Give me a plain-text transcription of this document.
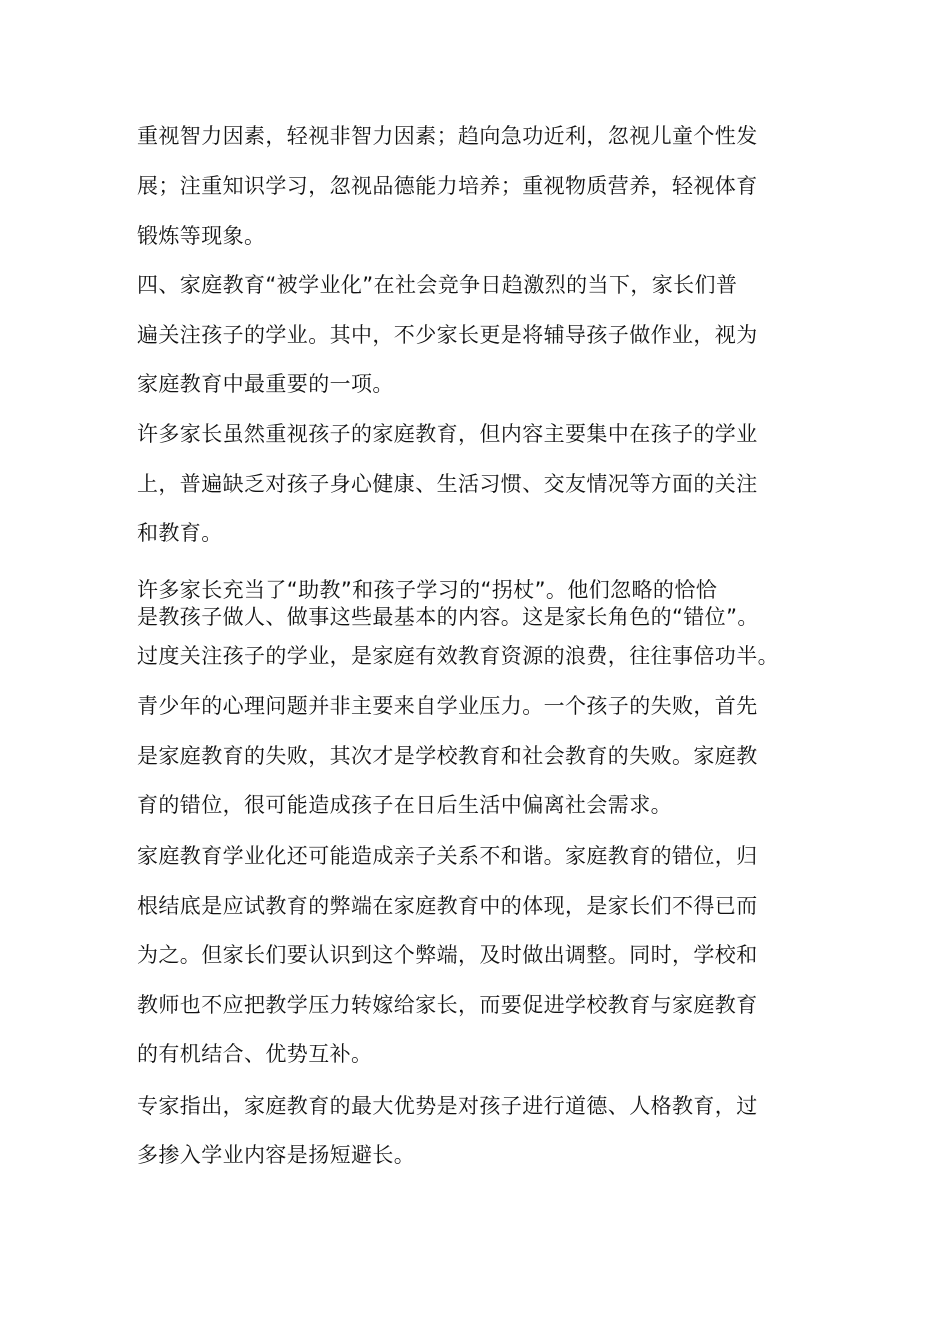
重视智力因素，轻视非智力因素；趋向急功近利，忽视儿童个性发

展；注重知识学习，忽视品德能力培养；重视物质营养，轻视体育

锻炼等现象。

四、家庭教育“被学业化”在社会竞争日趋激烈的当下，家长们普

遍关注孩子的学业。其中，不少家长更是将辅导孩子做作业，视为

家庭教育中最重要的一项。

许多家长虽然重视孩子的家庭教育，但内容主要集中在孩子的学业

上，普遍缺乏对孩子身心健康、生活习惯、交友情况等方面的关注

和教育。

许多家长充当了“助教”和孩子学习的“拐杖”。他们忽略的恰恰

是教孩子做人、做事这些最基本的内容。这是家长角色的“错位”。

过度关注孩子的学业，是家庭有效教育资源的浪费，往往事倍功半。

青少年的心理问题并非主要来自学业压力。一个孩子的失败，首先

是家庭教育的失败，其次才是学校教育和社会教育的失败。家庭教

育的错位，很可能造成孩子在日后生活中偏离社会需求。

家庭教育学业化还可能造成亲子关系不和谐。家庭教育的错位，归

根结底是应试教育的弊端在家庭教育中的体现，是家长们不得已而

为之。但家长们要认识到这个弊端，及时做出调整。同时，学校和

教师也不应把教学压力转嫁给家长，而要促进学校教育与家庭教育

的有机结合、优势互补。

专家指出，家庭教育的最大优势是对孩子进行道德、人格教育，过

多掺入学业内容是扬短避长。
